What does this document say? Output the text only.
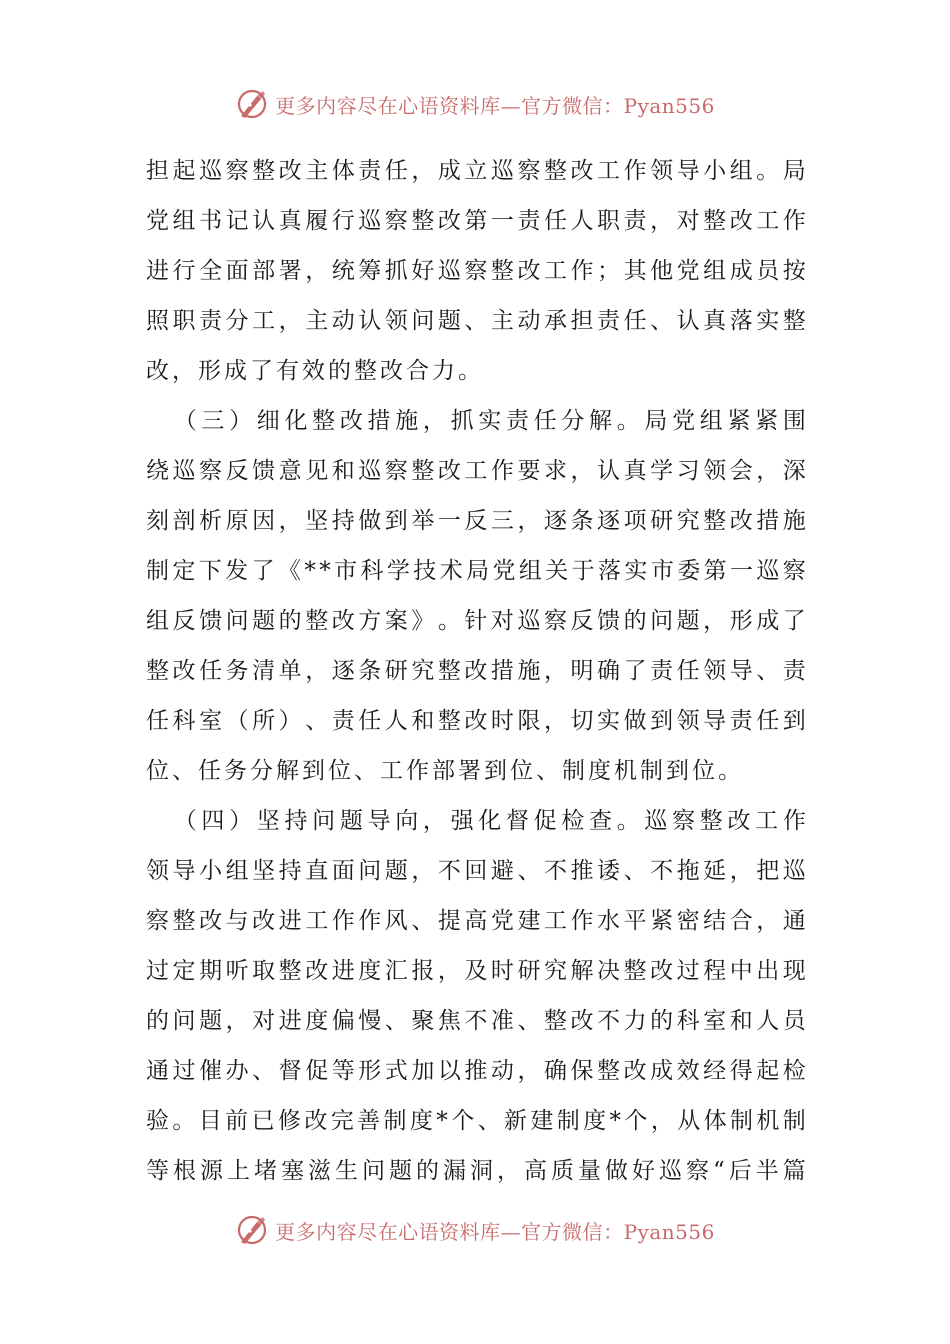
更多内容尽在心语资料库—官方微信：Pyan556
担 起 巡 察 整 改 主 体 责 任 ， 成 立 巡 察 整 改 工 作 领 导 小 组 。 局
党 组 书 记 认 真 履 行 巡 察 整 改 第 一 责 任 人 职 责 ， 对 整 改 工 作
进 行 全 面 部 署 ， 统 筹 抓 好 巡 察 整 改 工 作 ； 其 他 党 组 成 员 按
照 职 责 分 工 ， 主 动 认 领 问 题 、 主 动 承 担 责 任 、 认 真 落 实 整
改，形成了有效的整改合力。

（ 三 ） 细 化 整 改 措 施 ， 抓 实 责 任 分 解 。 局 党 组 紧 紧 围
绕 巡 察 反 馈 意 见 和 巡 察 整 改 工 作 要 求 ， 认 真 学 习 领 会 ， 深
刻 剖 析 原 因 ， 坚 持 做 到 举 一 反 三 ， 逐 条 逐 项 研 究 整 改 措 施
制 定 下 发 了 《 * * 市 科 学 技 术 局 党 组 关 于 落 实 市 委 第 一 巡 察
组 反 馈 问 题 的 整 改 方 案 》 。 针 对 巡 察 反 馈 的 问 题 ， 形 成 了
整 改 任 务 清 单 ， 逐 条 研 究 整 改 措 施 ， 明 确 了 责 任 领 导 、 责
任 科 室 （ 所 ） 、 责 任 人 和 整 改 时 限 ， 切 实 做 到 领 导 责 任 到
位、任务分解到位、工作部署到位、制度机制到位。

（ 四 ） 坚 持 问 题 导 向 ， 强 化 督 促 检 查 。 巡 察 整 改 工 作
领 导 小 组 坚 持 直 面 问 题 ， 不 回 避 、 不 推 诿 、 不 拖 延 ， 把 巡
察 整 改 与 改 进 工 作 作 风 、 提 高 党 建 工 作 水 平 紧 密 结 合 ， 通
过 定 期 听 取 整 改 进 度 汇 报 ， 及 时 研 究 解 决 整 改 过 程 中 出 现
的 问 题 ， 对 进 度 偏 慢 、 聚 焦 不 准 、 整 改 不 力 的 科 室 和 人 员
通 过 催 办 、 督 促 等 形 式 加 以 推 动 ， 确 保 整 改 成 效 经 得 起 检
验 。 目 前 已 修 改 完 善 制 度 * 个 、 新 建 制 度 * 个 ， 从 体 制 机 制
等 根 源 上 堵 塞 滋 生 问 题 的 漏 洞 ， 高 质 量 做 好 巡 察 “ 后 半 篇
更多内容尽在心语资料库—官方微信：Pyan556
